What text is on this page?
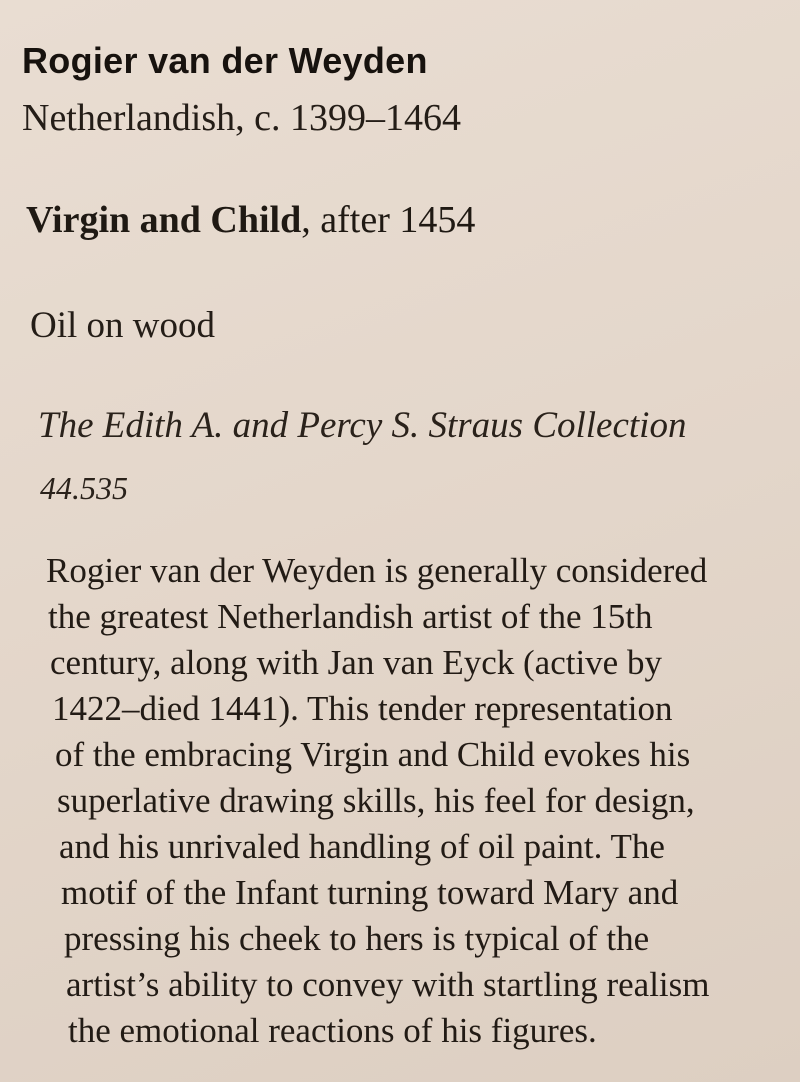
Rogier van der Weyden
Netherlandish, c. 1399–1464
Virgin and Child, after 1454
Oil on wood
The Edith A. and Percy S. Straus Collection
44.535
Rogier van der Weyden is generally considered
the greatest Netherlandish artist of the 15th
century, along with Jan van Eyck (active by
1422–died 1441). This tender representation
of the embracing Virgin and Child evokes his
superlative drawing skills, his feel for design,
and his unrivaled handling of oil paint. The
motif of the Infant turning toward Mary and
pressing his cheek to hers is typical of the
artist’s ability to convey with startling realism
the emotional reactions of his figures.
